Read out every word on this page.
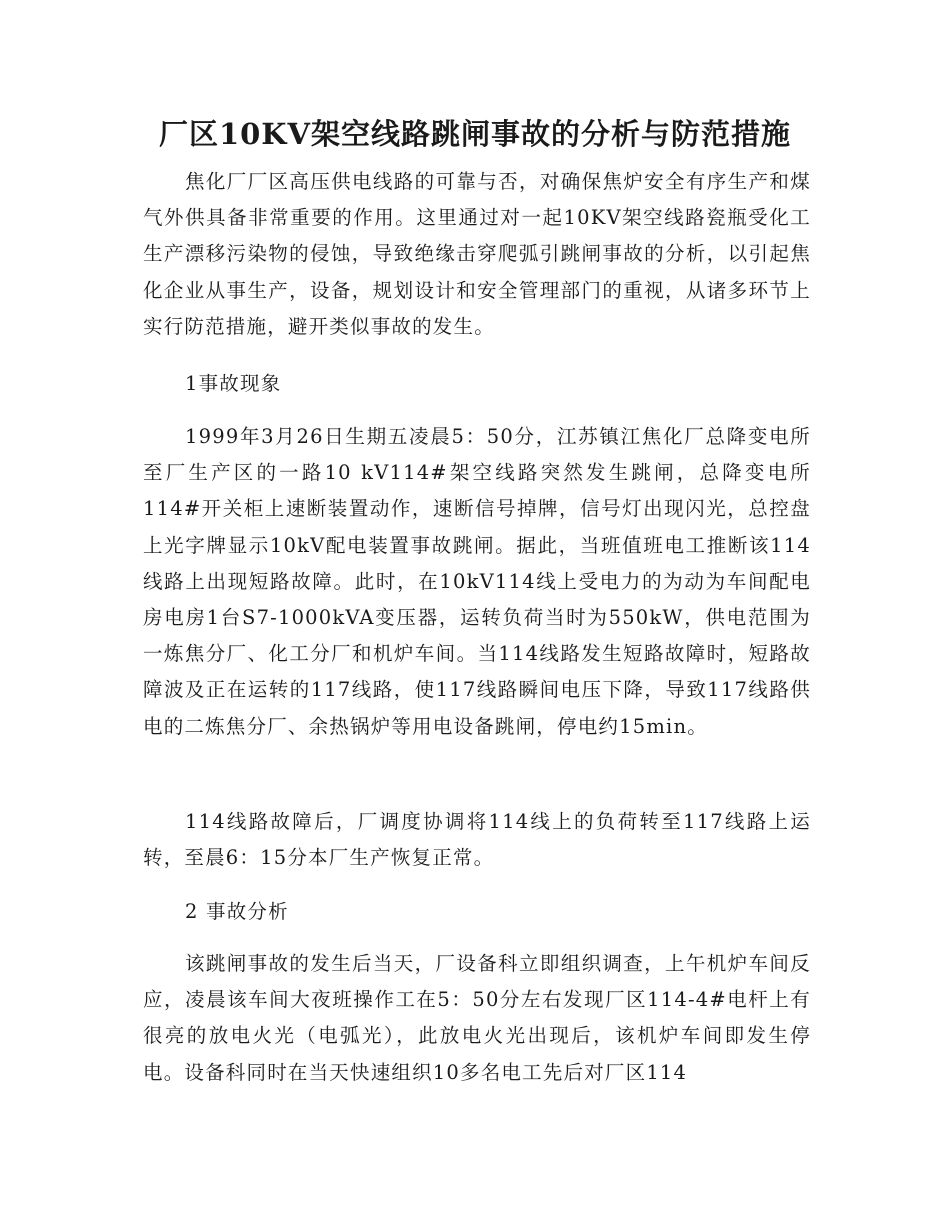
厂区10KV架空线路跳闸事故的分析与防范措施

焦化厂厂区高压供电线路的可靠与否，对确保焦炉安全有序生产和煤气外供具备非常重要的作用。这里通过对一起10KV架空线路瓷瓶受化工生产漂移污染物的侵蚀，导致绝缘击穿爬弧引跳闸事故的分析，以引起焦化企业从事生产，设备，规划设计和安全管理部门的重视，从诸多环节上实行防范措施，避开类似事故的发生。

1事故现象

1999年3月26日生期五凌晨5：50分，江苏镇江焦化厂总降变电所至厂生产区的一路10 kV114#架空线路突然发生跳闸，总降变电所114#开关柜上速断装置动作，速断信号掉牌，信号灯出现闪光，总控盘上光字牌显示10kV配电装置事故跳闸。据此，当班值班电工推断该114线路上出现短路故障。此时，在10kV114线上受电力的为动为车间配电房电房1台S7-1000kVA变压器，运转负荷当时为550kW，供电范围为一炼焦分厂、化工分厂和机炉车间。当114线路发生短路故障时，短路故障波及正在运转的117线路，使117线路瞬间电压下降，导致117线路供电的二炼焦分厂、余热锅炉等用电设备跳闸，停电约15min。

114线路故障后，厂调度协调将114线上的负荷转至117线路上运转，至晨6：15分本厂生产恢复正常。

2 事故分析

该跳闸事故的发生后当天，厂设备科立即组织调查，上午机炉车间反应，凌晨该车间大夜班操作工在5：50分左右发现厂区114-4#电杆上有很亮的放电火光（电弧光），此放电火光出现后，该机炉车间即发生停电。设备科同时在当天快速组织10多名电工先后对厂区114
